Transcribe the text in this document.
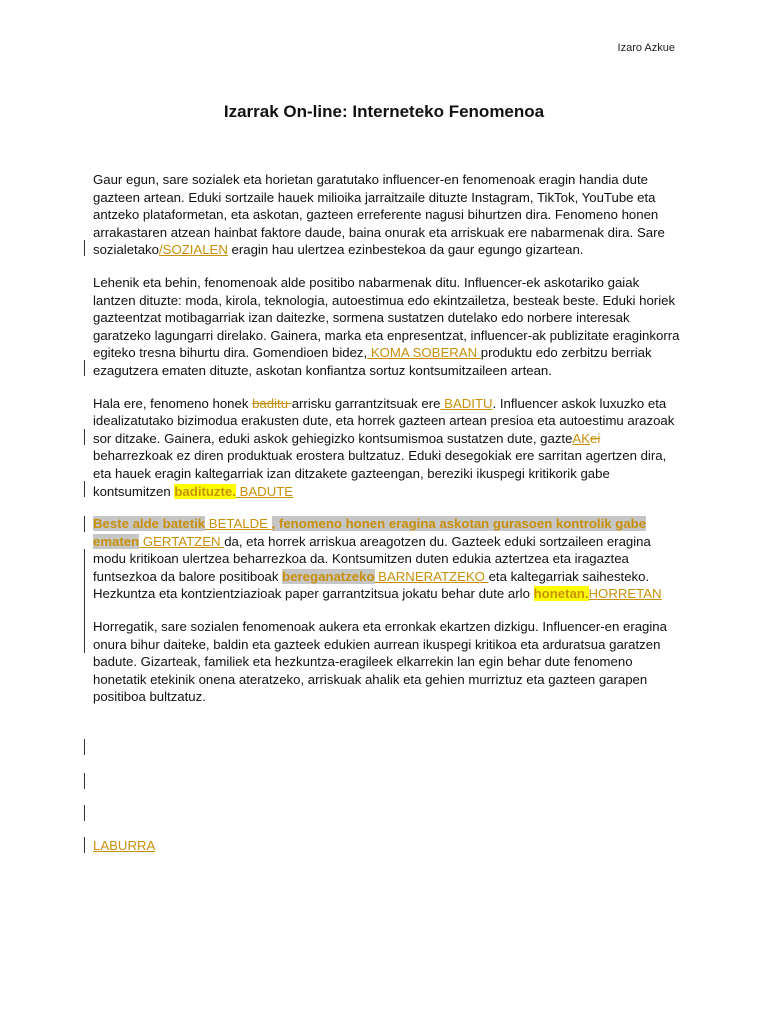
Izaro Azkue
Izarrak On-line: Interneteko Fenomenoa

Gaur egun, sare sozialek eta horietan garatutako influencer-en fenomenoak eragin handia dute gazteen artean. Eduki sortzaile hauek milioika jarraitzaile dituzte Instagram, TikTok, YouTube eta antzeko plataformetan, eta askotan, gazteen erreferente nagusi bihurtzen dira. Fenomeno honen arrakastaren atzean hainbat faktore daude, baina onurak eta arriskuak ere nabarmenak dira. Sare sozialetako/SOZIALEN eragin hau ulertzea ezinbestekoa da gaur egungo gizartean.

Lehenik eta behin, fenomenoak alde positibo nabarmenak ditu. Influencer-ek askotariko gaiak lantzen dituzte: moda, kirola, teknologia, autoestimua edo ekintzailetza, besteak beste. Eduki horiek gazteentzat motibagarriak izan daitezke, sormena sustatzen dutelako edo norbere interesak garatzeko lagungarri direlako. Gainera, marka eta enpresentzat, influencer-ak publizitate eraginkorra egiteko tresna bihurtu dira. Gomendioen bidez, KOMA SOBERAN produktu edo zerbitzu berriak ezagutzera ematen dituzte, askotan konfiantza sortuz kontsumitzaileen artean.

Hala ere, fenomeno honek baditu arrisku garrantzitsuak ere BADITU. Influencer askok luxuzko eta idealizatutako bizimodua erakusten dute, eta horrek gazteen artean presioa eta autoestimu arazoak sor ditzake. Gainera, eduki askok gehiegizko kontsumismoa sustatzen dute, gazteAKei beharrezkoak ez diren produktuak erostera bultzatuz. Eduki desegokiak ere sarritan agertzen dira, eta hauek eragin kaltegarriak izan ditzakete gazteengan, bereziki ikuspegi kritikorik gabe kontsumitzen badituzte. BADUTE

Beste alde batetik BETALDE , fenomeno honen eragina askotan gurasoen kontrolik gabe ematen GERTATZEN da, eta horrek arriskua areagotzen du. Gazteek eduki sortzaileen eragina modu kritikoan ulertzea beharrezkoa da. Kontsumitzen duten edukia aztertzea eta iragaztea funtsezkoa da balore positiboak bereganatzeko BARNERATZEKO eta kaltegarriak saihesteko. Hezkuntza eta kontzientziazioak paper garrantzitsua jokatu behar dute arlo honetan.HORRETAN

Horregatik, sare sozialen fenomenoak aukera eta erronkak ekartzen dizkigu. Influencer-en eragina onura bihur daiteke, baldin eta gazteek edukien aurrean ikuspegi kritikoa eta arduratsua garatzen badute. Gizarteak, familiek eta hezkuntza-eragileek elkarrekin lan egin behar dute fenomeno honetatik etekinik onena ateratzeko, arriskuak ahalik eta gehien murriztuz eta gazteen garapen positiboa bultzatuz.

LABURRA
